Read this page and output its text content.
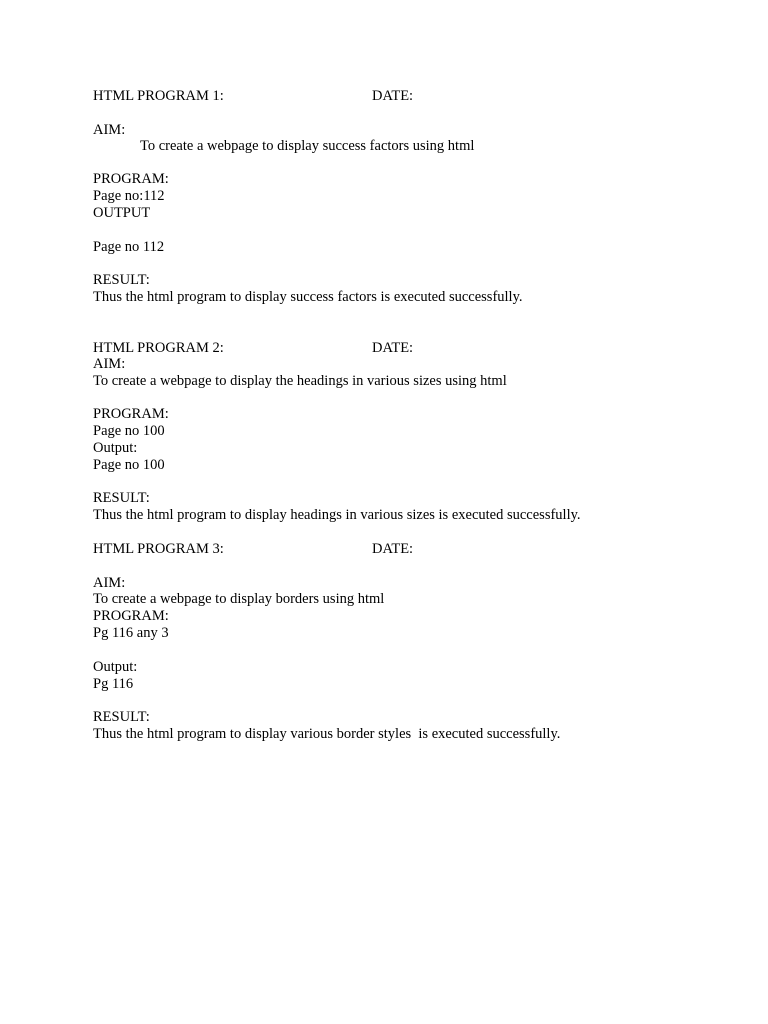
HTML PROGRAM 1:	DATE:
AIM:
To create a webpage to display success factors using html
PROGRAM:
Page no:112
OUTPUT
Page no 112
RESULT:
Thus the html program to display success factors is executed successfully.
HTML PROGRAM 2:	DATE:
AIM:
To create a webpage to display the headings in various sizes using html
PROGRAM:
Page no 100
Output:
Page no 100
RESULT:
Thus the html program to display headings in various sizes is executed successfully.
HTML PROGRAM 3:	DATE:
AIM:
To create a webpage to display borders using html
PROGRAM:
Pg 116 any 3
Output:
Pg 116
RESULT:
Thus the html program to display various border styles  is executed successfully.
